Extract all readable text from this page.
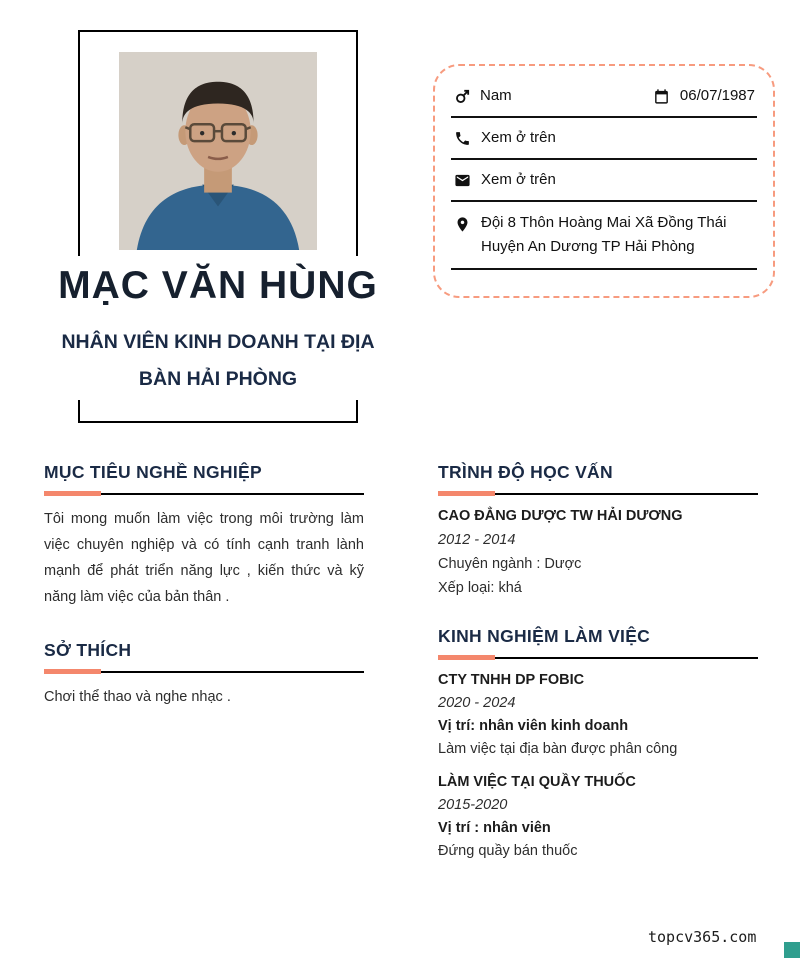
Nam	06/07/1987
Xem ở trên
Xem ở trên
Đội 8 Thôn Hoàng Mai Xã Đồng Thái
Huyện An Dương TP Hải Phòng
MẠC VĂN HÙNG
NHÂN VIÊN KINH DOANH TẠI ĐỊA
BÀN HẢI PHÒNG
MỤC TIÊU NGHỀ NGHIỆP

Tôi mong muốn làm việc trong môi trường làm việc chuyên nghiệp và có tính cạnh tranh lành mạnh để phát triển năng lực , kiến thức và kỹ năng làm việc của bản thân .

SỞ THÍCH

Chơi thể thao và nghe nhạc .

TRÌNH ĐỘ HỌC VẤN
CAO ĐẲNG DƯỢC TW HẢI DƯƠNG
2012 - 2014
Chuyên ngành : Dược
Xếp loại: khá
KINH NGHIỆM LÀM VIỆC
CTY TNHH DP FOBIC
2020 - 2024
Vị trí: nhân viên kinh doanh
Làm việc tại địa bàn được phân công
LÀM VIỆC TẠI QUẦY THUỐC
2015-2020
Vị trí : nhân viên
Đứng quầy bán thuốc
topcv365.com
